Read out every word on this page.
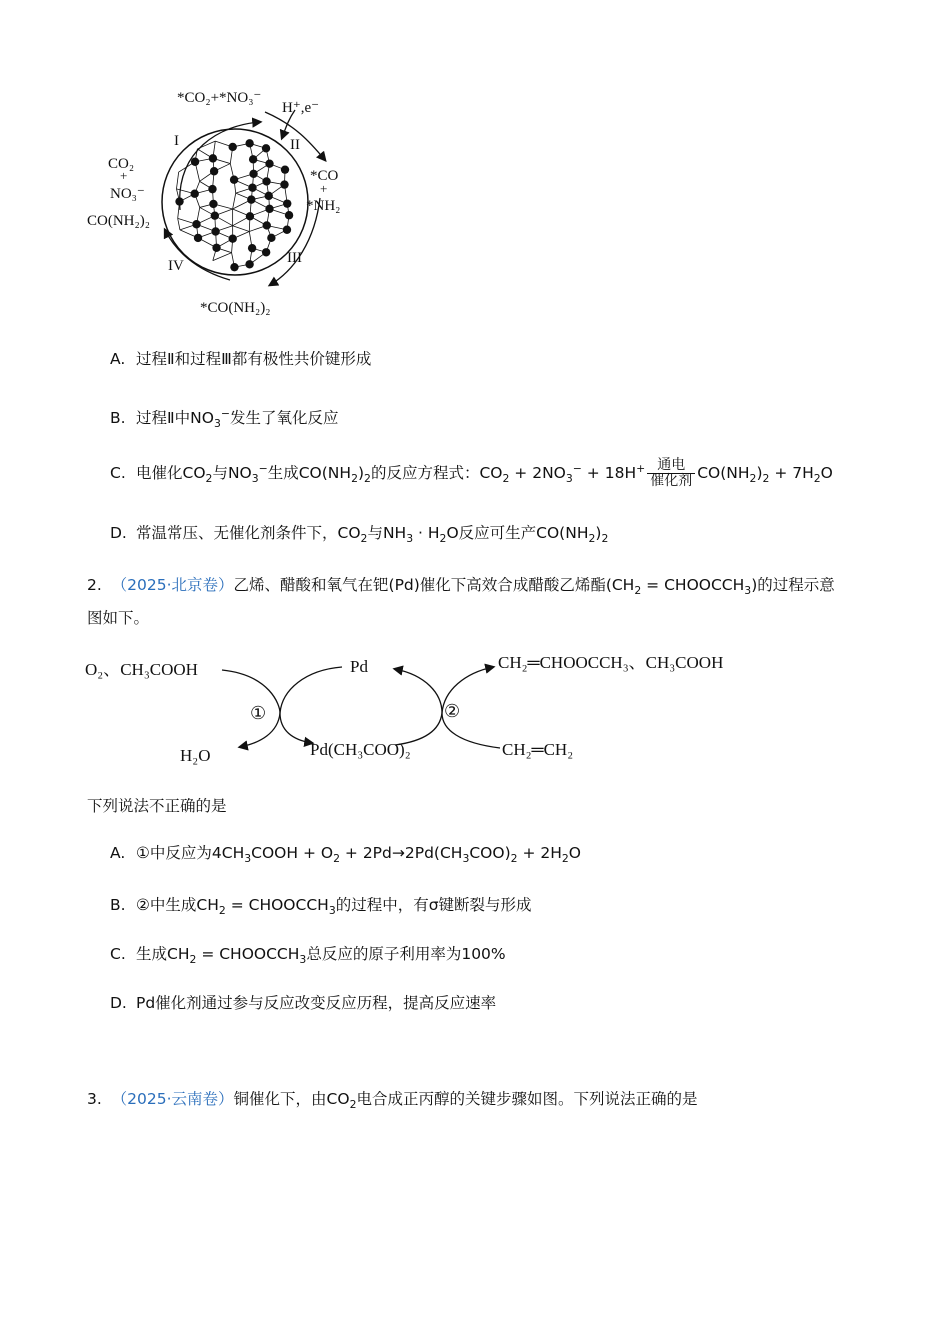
*CO₂+*NO₃⁻
H⁺,e⁻
CO₂
+
NO₃⁻
CO(NH₂)₂
*CO
+
*NH₂
*CO(NH₂)₂
I	II
III
IV
A. 过程Ⅱ和过程Ⅲ都有极性共价键形成
B. 过程Ⅱ中$NO_3^-$发生了氧化反应
C. 电催化$CO_2$与$NO_3^-$生成$CO(NH_2)_2$的反应方程式：$CO_2 + 2NO_3^- + 18H^+ \frac{\text{通电}}{\text{催化剂}} CO(NH_2)_2 + 7H_2O$
D. 常温常压、无催化剂条件下，$CO_2$与$NH_3 \cdot H_2O$反应可生产$CO(NH_2)_2$
2. （2025·北京卷）乙烯、醋酸和氧气在钯(Pd)催化下高效合成醋酸乙烯酯($CH_2$ = $CHOOCCH_3$)的过程示意
图如下。
O₂、CH₃COOH
H₂O
Pd
Pd(CH₃COO)₂
CH₂═CHOOCCH₃、CH₃COOH
CH₂═CH₂
①	②
下列说法不正确的是
A. ①中反应为$4CH_3COOH + O_2 + 2Pd\to 2Pd(CH_3COO)_2 + 2H_2O$
B. ②中生成$CH_2$ = $CHOOCCH_3$的过程中，有σ键断裂与形成
C. 生成$CH_2$ = $CHOOCCH_3$总反应的原子利用率为100%
D. Pd催化剂通过参与反应改变反应历程，提高反应速率
3. （2025·云南卷）铜催化下，由$CO_2$电合成正丙醇的关键步骤如图。下列说法正确的是
